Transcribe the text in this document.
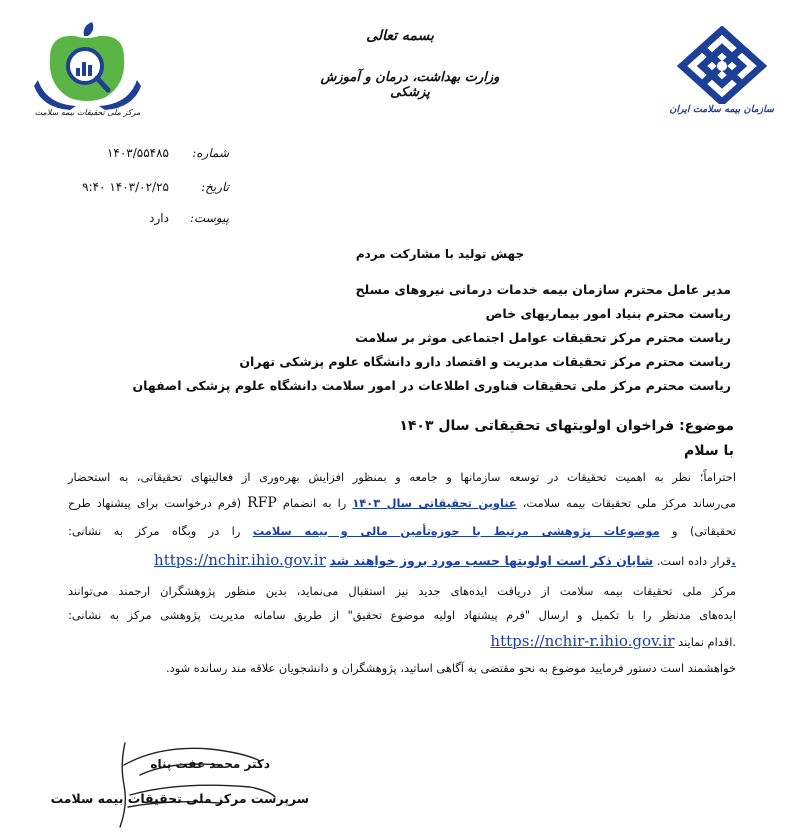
مرکز ملی تحقیقات بیمه سلامت
بسمه تعالی
وزارت بهداشت، درمان و آموزش پزشکی
سازمان بیمه سلامت ایران
شماره:
۱۴۰۳/۵۵۴۸۵
تاریخ:
۱۴۰۳/۰۲/۲۵ ۹:۴۰
پیوست:
دارد
جهش تولید با مشارکت مردم
مدیر عامل محترم سازمان بیمه خدمات درمانی نیروهای مسلح
ریاست محترم بنیاد امور بیماریهای خاص
ریاست محترم مرکز تحقیقات عوامل اجتماعی موثر بر سلامت
ریاست محترم مرکز تحقیقات مدیریت و اقتصاد دارو دانشگاه علوم پزشکی تهران
ریاست محترم مرکز ملی تحقیقات فناوری اطلاعات در امور سلامت دانشگاه علوم پزشکی اصفهان
موضوع: فراخوان اولویتهای تحقیقاتی سال ۱۴۰۳
با سلام
احتراماً؛ نظر به اهمیت تحقیقات در توسعه سازمانها و جامعه و بمنظور افزایش بهره‌وری از فعالیتهای تحقیقاتی، به استحضار
می‌رساند مرکز ملی تحقیقات بیمه سلامت، عناوین تحقیقاتی سال ۱۴۰۳ را به انضمام RFP (فرم درخواست برای پیشنهاد طرح
تحقیقاتی) و موضوعات پژوهشی مرتبط با حوزه‌تأمین مالی و بیمه سلامت را در وبگاه مرکز به نشانی:
https://nchir.ihio.gov.ir	قرار داده است. شایان ذکر است اولویتها حسب مورد بروز خواهند شد.
مرکز ملی تحقیقات بیمه سلامت از دریافت ایده‌های جدید نیز استقبال می‌نماید، بدین منظور پژوهشگران ارجمند می‌توانند
ایده‌های مدنظر را با تکمیل و ارسال "فرم پیشنهاد اولیه موضوع تحقیق" از طریق سامانه مدیریت پژوهشی مرکز به نشانی:
https://nchir-r.ihio.gov.ir اقدام نمایند.
خواهشمند است دستور فرمایید موضوع به نحو مقتضی به آگاهی اساتید، پژوهشگران و دانشجویان علاقه مند رسانده شود.
دکتر محمد عفت پناه
سرپرست مرکز ملی تحقیقات بیمه سلامت
